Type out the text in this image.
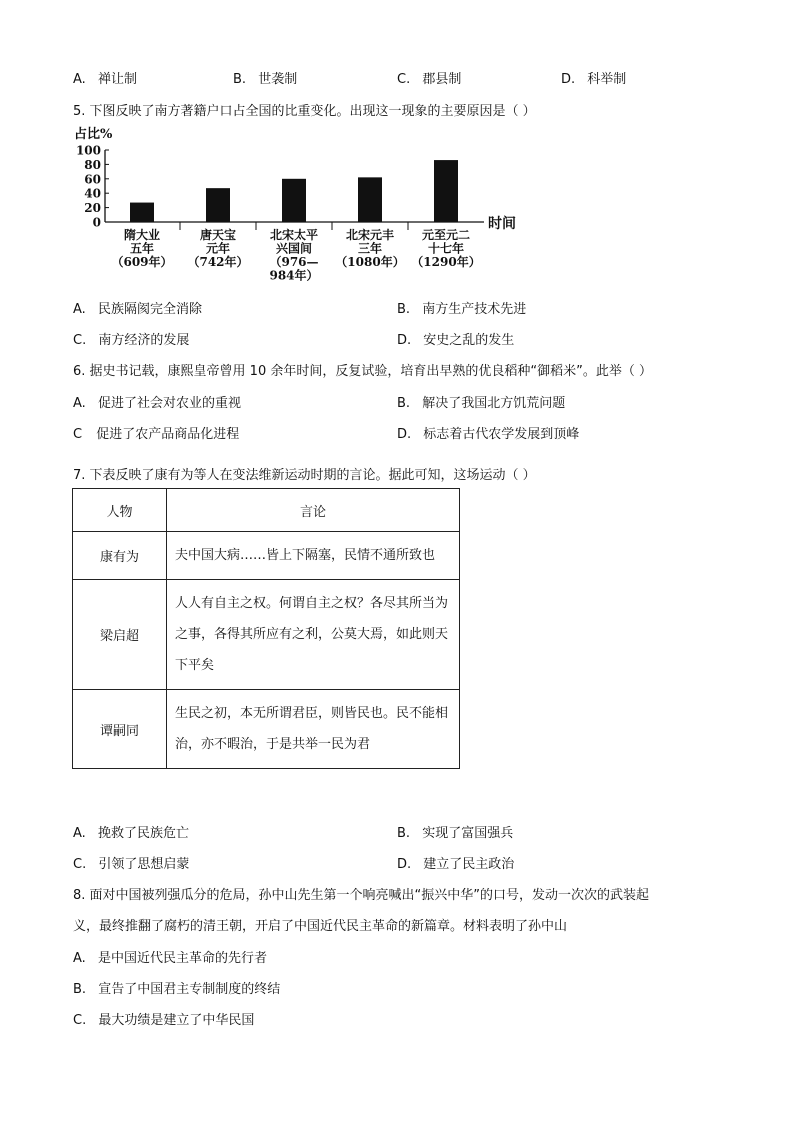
A. 禅让制	B. 世袭制	C. 郡县制	D. 科举制
5. 下图反映了南方著籍户口占全国的比重变化。出现这一现象的主要原因是（ ）
占比%
0
20
40
60
80
100
时间
隋大业
五年
（609年）
唐天宝
元年
（742年）
北宋太平
兴国间
（976—
984年）
北宋元丰
三年
（1080年）
元至元二
十七年
（1290年）
A. 民族隔阂完全消除	B. 南方生产技术先进
C. 南方经济的发展	D. 安史之乱的发生
6. 据史书记载，康熙皇帝曾用 10 余年时间，反复试验，培育出早熟的优良稻种“御稻米”。此举（ ）
A. 促进了社会对农业的重视	B. 解决了我国北方饥荒问题
C 促进了农产品商品化进程	D. 标志着古代农学发展到顶峰
7. 下表反映了康有为等人在变法维新运动时期的言论。据此可知，这场运动（ ）
人物	言论
康有为	夫中国大病……皆上下隔塞，民情不通所致也
梁启超	人人有自主之权。何谓自主之权？各尽其所当为之事，各得其所应有之利，公莫大焉，如此则天下平矣
谭嗣同	生民之初，本无所谓君臣，则皆民也。民不能相治，亦不暇治，于是共举一民为君
A. 挽救了民族危亡	B. 实现了富国强兵
C. 引领了思想启蒙	D. 建立了民主政治
8. 面对中国被列强瓜分的危局，孙中山先生第一个响亮喊出“振兴中华”的口号，发动一次次的武装起
义，最终推翻了腐朽的清王朝，开启了中国近代民主革命的新篇章。材料表明了孙中山
A. 是中国近代民主革命的先行者
B. 宣告了中国君主专制制度的终结
C. 最大功绩是建立了中华民国
